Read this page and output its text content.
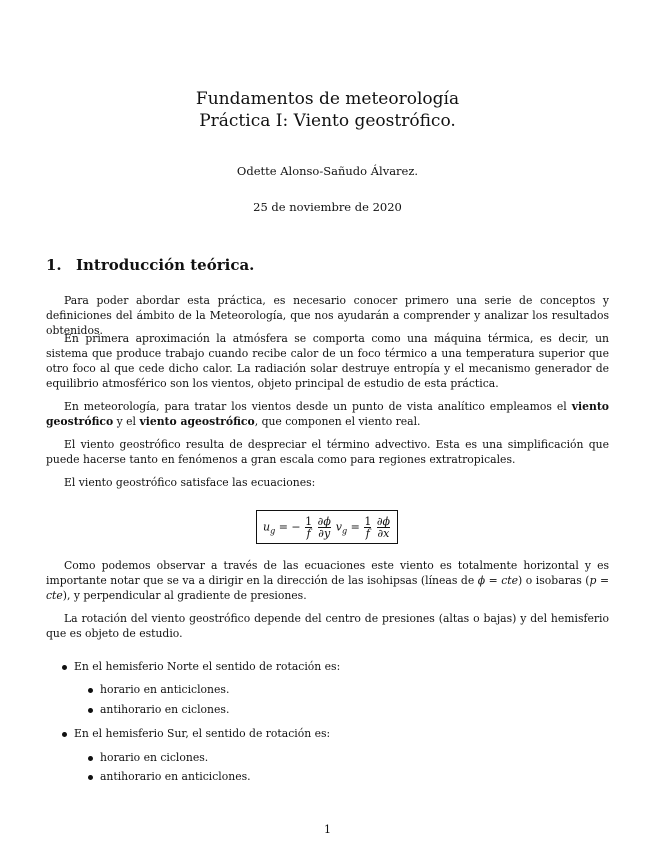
Fundamentos de meteorología
Práctica I: Viento geostrófico.
Odette Alonso-Sañudo Álvarez.
25 de noviembre de 2020
1. Introducción teórica.
Para poder abordar esta práctica, es necesario conocer primero una serie de conceptos y definiciones del ámbito de la Meteorología, que nos ayudarán a comprender y analizar los resultados obtenidos.
En primera aproximación la atmósfera se comporta como una máquina térmica, es decir, un sistema que produce trabajo cuando recibe calor de un foco térmico a una temperatura superior que otro foco al que cede dicho calor. La radiación solar destruye entropía y el mecanismo generador de equilibrio atmosférico son los vientos, objeto principal de estudio de esta práctica.
En meteorología, para tratar los vientos desde un punto de vista analítico empleamos el viento geostrófico y el viento ageostrófico, que componen el viento real.
El viento geostrófico resulta de despreciar el término advectivo. Esta es una simplificación que puede hacerse tanto en fenómenos a gran escala como para regiones extratropicales.
El viento geostrófico satisface las ecuaciones:
$u_g$ = − $\frac{1}{f}$
$\frac{\partial\phi}{\partial y} v_g = \frac{1}{f}$
$\frac{\partial\phi}{\partial x}$
Como podemos observar a través de las ecuaciones este viento es totalmente horizontal y es importante notar que se va a dirigir en la dirección de las isohipsas (líneas de ϕ = cte) o isobaras (p = cte), y perpendicular al gradiente de presiones.
La rotación del viento geostrófico depende del centro de presiones (altas o bajas) y del hemisferio que es objeto de estudio.
En el hemisferio Norte el sentido de rotación es:
horario en anticiclones.
antihorario en ciclones.
En el hemisferio Sur, el sentido de rotación es:
horario en ciclones.
antihorario en anticiclones.
1
